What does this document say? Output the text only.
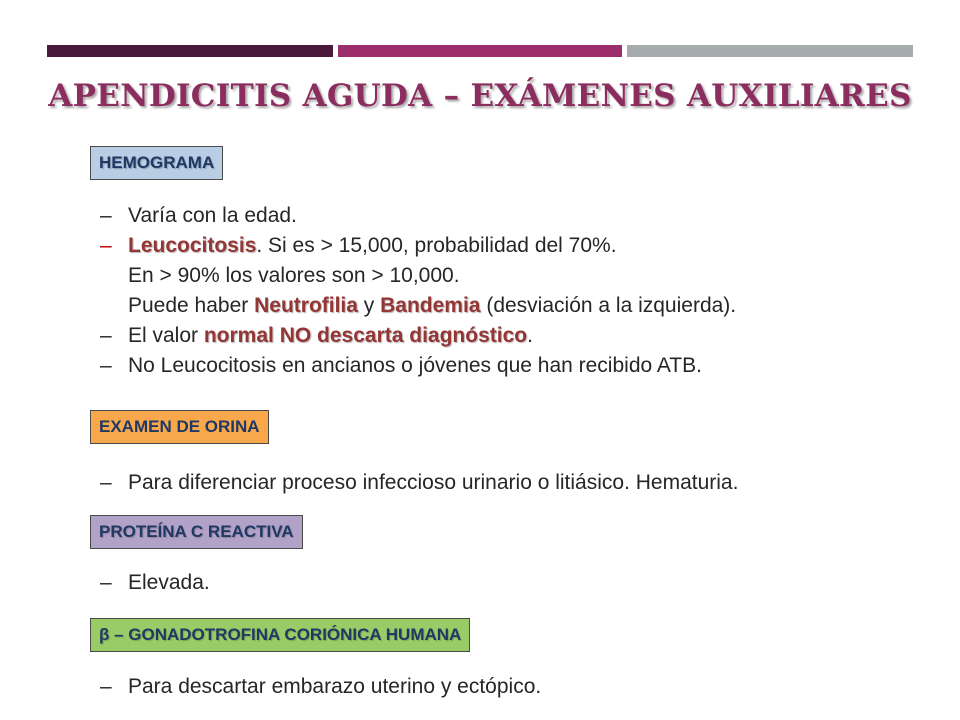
APENDICITIS AGUDA – EXÁMENES AUXILIARES
HEMOGRAMA
– Varía con la edad.
– Leucocitosis. Si es > 15,000, probabilidad del 70%.
En > 90% los valores son > 10,000.
Puede haber Neutrofilia y Bandemia (desviación a la izquierda).
– El valor normal NO descarta diagnóstico.
– No Leucocitosis en ancianos o jóvenes que han recibido ATB.
EXAMEN DE ORINA
– Para diferenciar proceso infeccioso urinario o litiásico. Hematuria.
PROTEÍNA C REACTIVA
– Elevada.
β – GONADOTROFINA CORIÓNICA HUMANA
– Para descartar embarazo uterino y ectópico.
